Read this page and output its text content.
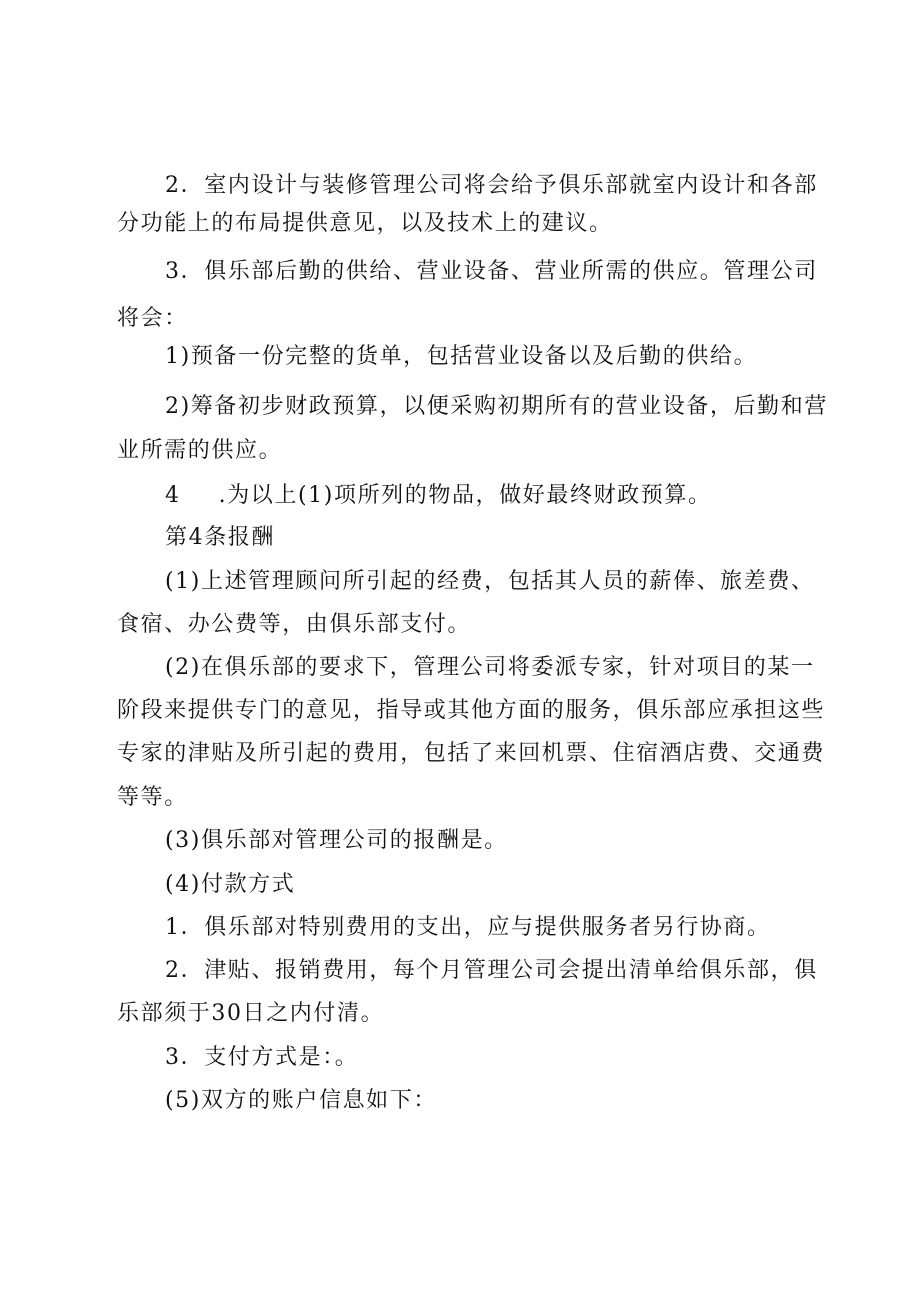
2．室内设计与装修管理公司将会给予俱乐部就室内设计和各部
分功能上的布局提供意见，以及技术上的建议。
3．俱乐部后勤的供给、营业设备、营业所需的供应。管理公司
将会：
1)预备一份完整的货单，包括营业设备以及后勤的供给。
2)筹备初步财政预算，以便采购初期所有的营业设备，后勤和营
业所需的供应。
4 .为以上(1)项所列的物品，做好最终财政预算。
第4条报酬
(1)上述管理顾问所引起的经费，包括其人员的薪俸、旅差费、
食宿、办公费等，由俱乐部支付。
(2)在俱乐部的要求下，管理公司将委派专家，针对项目的某一
阶段来提供专门的意见，指导或其他方面的服务，俱乐部应承担这些
专家的津贴及所引起的费用，包括了来回机票、住宿酒店费、交通费
等等。
(3)俱乐部对管理公司的报酬是。
(4)付款方式
1．俱乐部对特别费用的支出，应与提供服务者另行协商。
2．津贴、报销费用，每个月管理公司会提出清单给俱乐部，俱
乐部须于30日之内付清。
3．支付方式是：。
(5)双方的账户信息如下：
